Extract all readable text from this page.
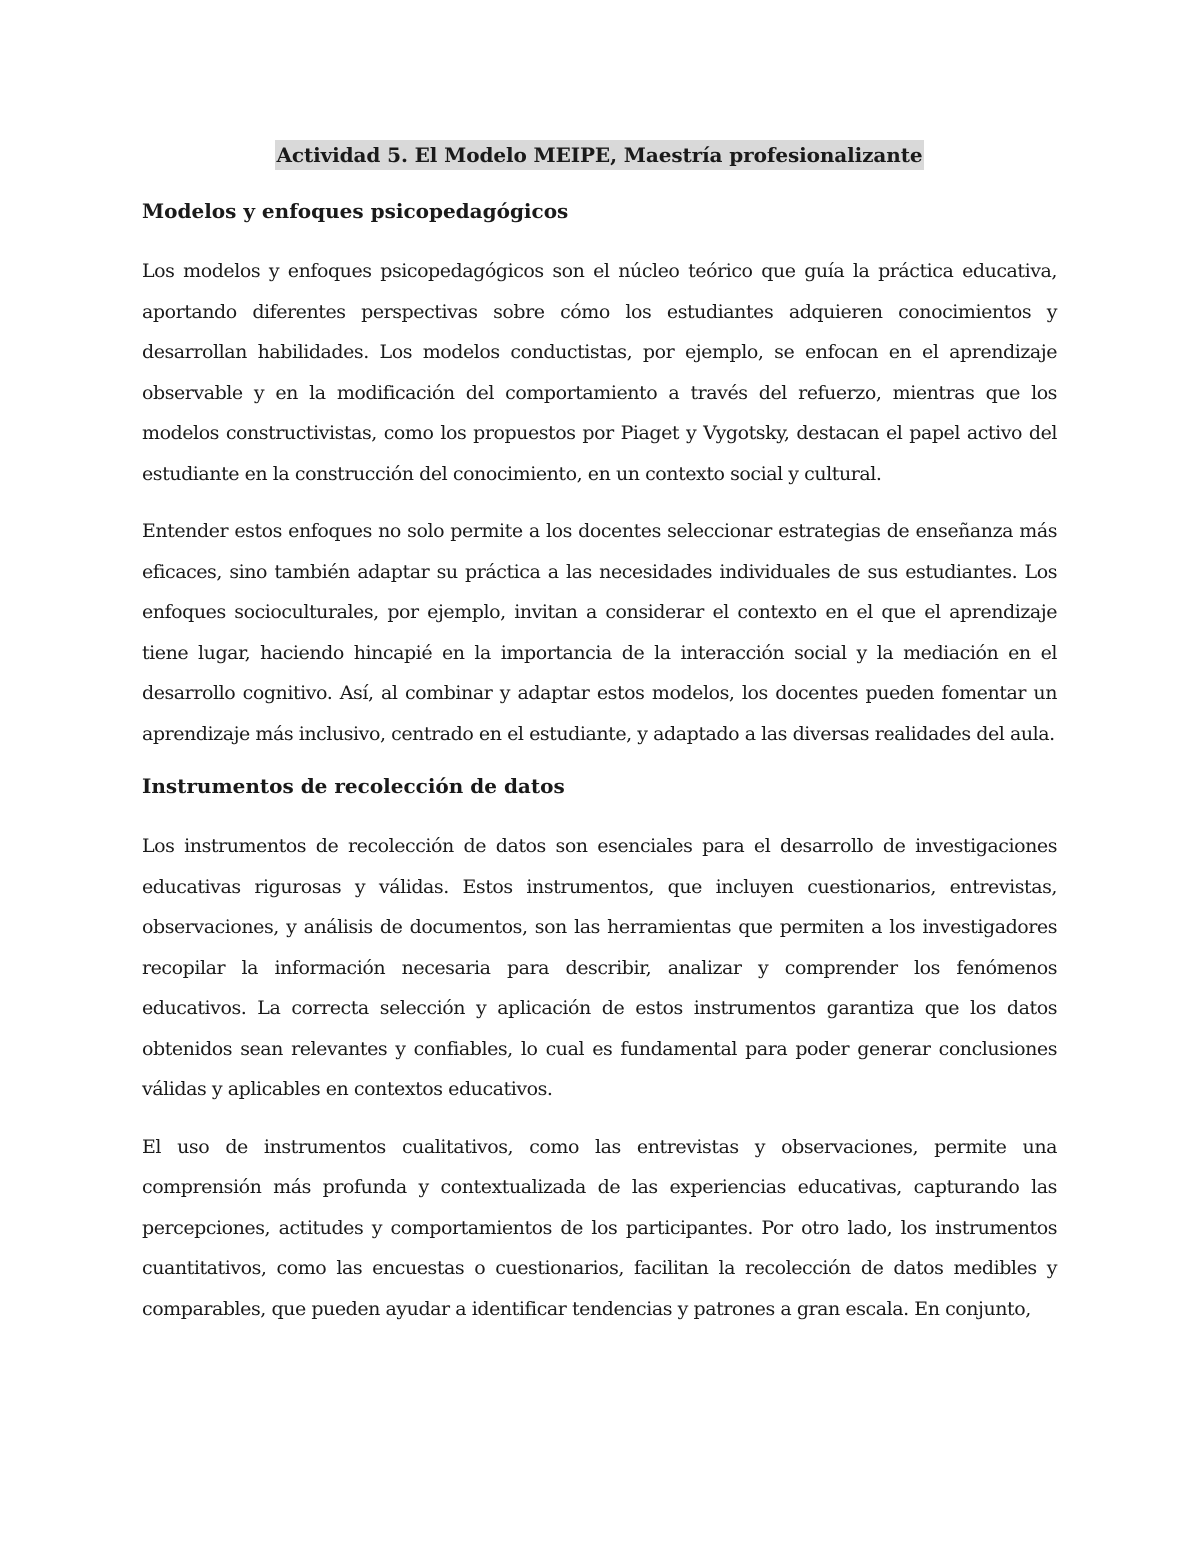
Actividad 5. El Modelo MEIPE, Maestría profesionalizante
Modelos y enfoques psicopedagógicos

Los modelos y enfoques psicopedagógicos son el núcleo teórico que guía la práctica educativa, aportando diferentes perspectivas sobre cómo los estudiantes adquieren conocimientos y desarrollan habilidades. Los modelos conductistas, por ejemplo, se enfocan en el aprendizaje observable y en la modificación del comportamiento a través del refuerzo, mientras que los modelos constructivistas, como los propuestos por Piaget y Vygotsky, destacan el papel activo del estudiante en la construcción del conocimiento, en un contexto social y cultural.

Entender estos enfoques no solo permite a los docentes seleccionar estrategias de enseñanza más eficaces, sino también adaptar su práctica a las necesidades individuales de sus estudiantes. Los enfoques socioculturales, por ejemplo, invitan a considerar el contexto en el que el aprendizaje tiene lugar, haciendo hincapié en la importancia de la interacción social y la mediación en el desarrollo cognitivo. Así, al combinar y adaptar estos modelos, los docentes pueden fomentar un aprendizaje más inclusivo, centrado en el estudiante, y adaptado a las diversas realidades del aula.

Instrumentos de recolección de datos

Los instrumentos de recolección de datos son esenciales para el desarrollo de investigaciones educativas rigurosas y válidas. Estos instrumentos, que incluyen cuestionarios, entrevistas, observaciones, y análisis de documentos, son las herramientas que permiten a los investigadores recopilar la información necesaria para describir, analizar y comprender los fenómenos educativos. La correcta selección y aplicación de estos instrumentos garantiza que los datos obtenidos sean relevantes y confiables, lo cual es fundamental para poder generar conclusiones válidas y aplicables en contextos educativos.

El uso de instrumentos cualitativos, como las entrevistas y observaciones, permite una comprensión más profunda y contextualizada de las experiencias educativas, capturando las percepciones, actitudes y comportamientos de los participantes. Por otro lado, los instrumentos cuantitativos, como las encuestas o cuestionarios, facilitan la recolección de datos medibles y comparables, que pueden ayudar a identificar tendencias y patrones a gran escala. En conjunto,
